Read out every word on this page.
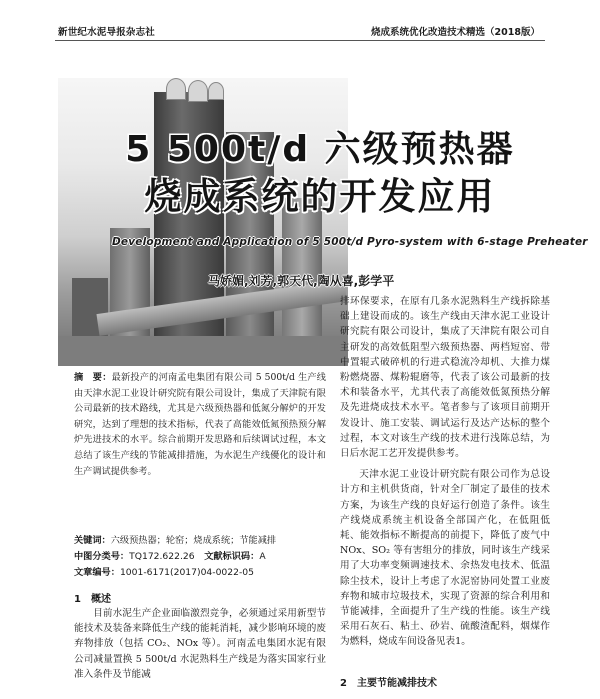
新世纪水泥导报杂志社	烧成系统优化改造技术精选（2018版）
5 500t/d 六级预热器
烧成系统的开发应用
Development and Application of 5 500t/d Pyro-system with 6-stage Preheater
马娇媚,刘芳,郭天代,陶从喜,彭学平
摘　要：最新投产的河南孟电集团有限公司 5 500t/d 生产线由天津水泥工业设计研究院有限公司设计，集成了天津院有限公司最新的技术路线，尤其是六级预热器和低氮分解炉的开发研究，达到了理想的技术指标，代表了高能效低氮预热预分解炉先进技术的水平。综合前期开发思路和后续调试过程，本文总结了该生产线的节能减排措施，为水泥生产线優化的设计和生产调试提供参考。
关键词：六级预热器；轮窑；烧成系统；节能减排
中图分类号：TQ172.622.26 文献标识码：A
文章编号：1001-6171(2017)04-0022-05
1　概述

目前水泥生产企业面临激烈竞争，必须通过采用新型节能技术及装备来降低生产线的能耗消耗，减少影响环境的废弃物排放（包括 CO₂、NOx 等）。河南孟电集团水泥有限公司减量置换 5 500t/d 水泥熟料生产线是为落实国家行业准入条件及节能减

排环保要求，在原有几条水泥熟料生产线拆除基础上建设而成的。该生产线由天津水泥工业设计研究院有限公司设计，集成了天津院有限公司自主研发的高效低阻型六级预热器、两档短窑、带中置辊式破碎机的行进式稳流冷却机、大推力煤粉燃烧器、煤粉辊磨等，代表了该公司最新的技术和装备水平，尤其代表了高能效低氮预热分解及先进烧成技术水平。笔者参与了该项目前期开发设计、施工安装、调试运行及达产达标的整个过程，本文对该生产线的技术进行浅陈总结，为日后水泥工艺开发提供参考。

天津水泥工业设计研究院有限公司作为总设计方和主机供货商，针对全厂制定了最佳的技术方案，为该生产线的良好运行创造了条件。该生产线烧成系统主机设备全部国产化，在低阻低耗、能效指标不断提高的前提下，降低了废气中 NOx、SO₂ 等有害组分的排放，同时该生产线采用了大功率变频调速技术、余热发电技术、低温除尘技术，设计上考虑了水泥窑协同处置工业废弃物和城市垃圾技术，实现了资源的综合利用和节能减排，全面提升了生产线的性能。该生产线采用石灰石、粘土、砂岩、硫酸渣配料，烟煤作为燃料，烧成车间设备见表1。

2　主要节能减排技术
